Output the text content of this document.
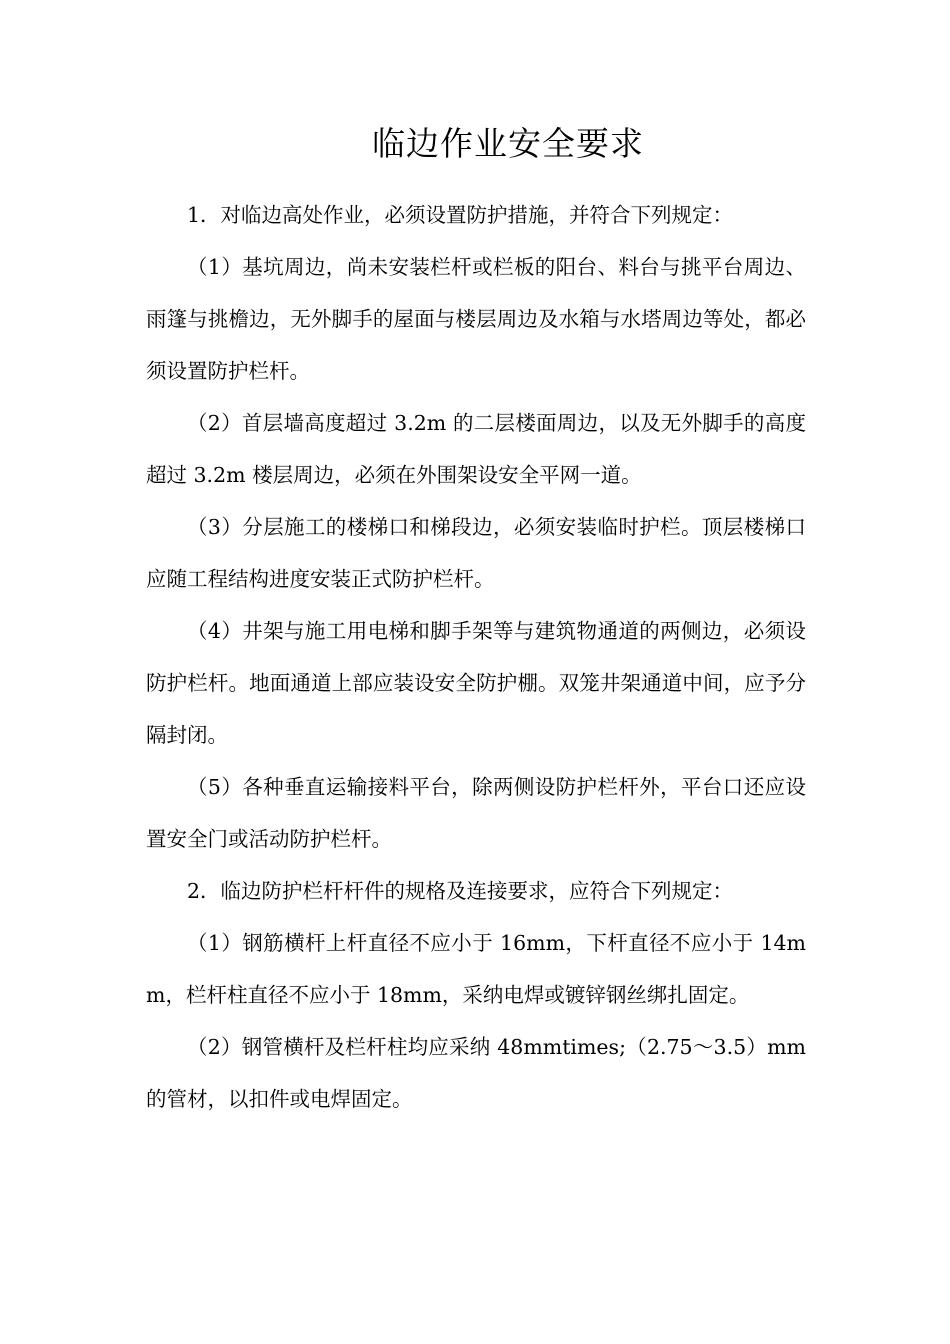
临边作业安全要求

1．对临边高处作业，必须设置防护措施，并符合下列规定：

（1）基坑周边，尚未安装栏杆或栏板的阳台、料台与挑平台周边、雨篷与挑檐边，无外脚手的屋面与楼层周边及水箱与水塔周边等处，都必须设置防护栏杆。

（2）首层墙高度超过 3.2m 的二层楼面周边，以及无外脚手的高度超过 3.2m 楼层周边，必须在外围架设安全平网一道。

（3）分层施工的楼梯口和梯段边，必须安装临时护栏。顶层楼梯口应随工程结构进度安装正式防护栏杆。

（4）井架与施工用电梯和脚手架等与建筑物通道的两侧边，必须设防护栏杆。地面通道上部应装设安全防护棚。双笼井架通道中间，应予分隔封闭。

（5）各种垂直运输接料平台，除两侧设防护栏杆外，平台口还应设置安全门或活动防护栏杆。

2．临边防护栏杆杆件的规格及连接要求，应符合下列规定：

（1）钢筋横杆上杆直径不应小于 16mm，下杆直径不应小于 14mm，栏杆柱直径不应小于 18mm，采纳电焊或镀锌钢丝绑扎固定。

（2）钢管横杆及栏杆柱均应采纳 48mmtimes;（2.75～3.5）mm 的管材，以扣件或电焊固定。
